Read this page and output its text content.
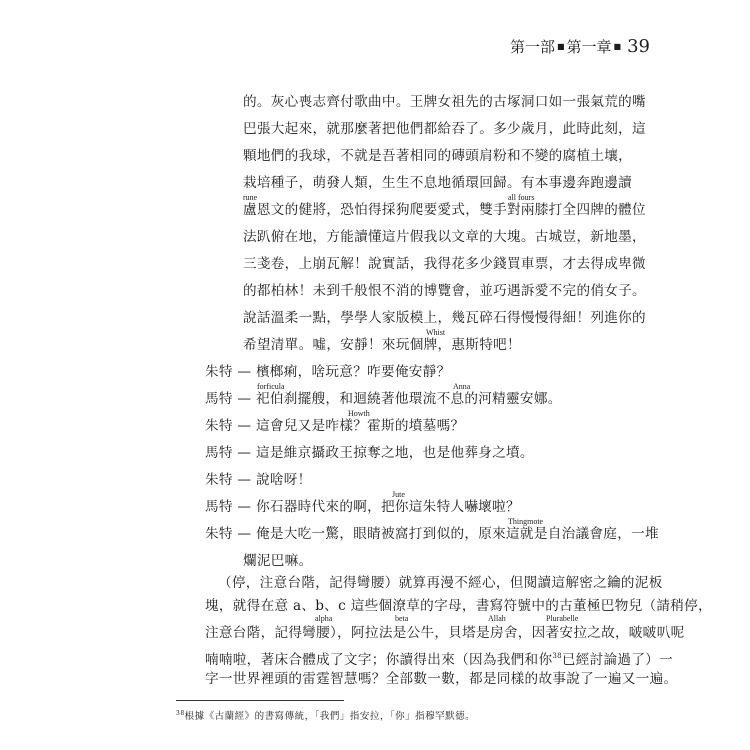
第一部 ■ 第一章 ■ 39
的。灰心喪志齊付歌曲中。王牌女祖先的古塚洞口如一張氣荒的嘴
巴張大起來，就那麼著把他們都給吞了。多少歲月，此時此刻，這
顆地們的我球，不就是吾著相同的磚頭肩粉和不變的腐植土壤，
栽培種子，萌發人類，生生不息地循環回歸。有本事邊奔跑邊讀
rune	all fours
盧恩文的健將，恐怕得採狗爬要愛式，雙手對兩膝打全四牌的體位
法趴俯在地，方能讀懂這片假我以文章的大塊。古城豈，新地墨，
三戔卷，上崩瓦解！說實話，我得花多少錢買車票，才去得成卑微
的都柏林！未到千般恨不消的博覽會，並巧遇訴愛不完的俏女子。
說話溫柔一點，學學人家版模上，幾瓦碎石得慢慢得細！列進你的
Whist
希望清單。噓，安靜！來玩個牌，惠斯特吧！
朱特 — 檳榔痢，啥玩意？咋要俺安靜？
forficula	Anna
馬特 — 祀伯刹擺艘，和迴繞著他環流不息的河精靈安娜。
Howth
朱特 — 這會兒又是咋樣？霍斯的墳墓嗎？
馬特 — 這是維京攝政王掠奪之地，也是他葬身之墳。
朱特 — 說啥呀！
Jute
馬特 — 你石器時代來的啊，把你這朱特人嚇壞啦？
Thingmote
朱特 — 俺是大吃一驚，眼睛被窩打到似的，原來這就是自治議會庭，一堆
爛泥巴嘛。
（停，注意台階，記得彎腰）就算再漫不經心，但閱讀這解密之鑰的泥板
塊，就得在意 a、b、c 這些個潦草的字母，書寫符號中的古董極巴物兒（請稍停，
alpha	beta	Allah	Plurabelle
注意台階，記得彎腰），阿拉法是公牛，貝塔是房舍，因著安拉之故，啵啵叭呢
喃喃啦，著床合體成了文字；你讀得出來（因為我們和你$^{38}$已經討論過了）一
$^{38}$根據《古蘭經》的書寫傳統，「我們」指安拉，「你」指穆罕默德。
字一世界裡頭的雷霆智慧嗎？全部數一數，都是同樣的故事說了一遍又一遍。
